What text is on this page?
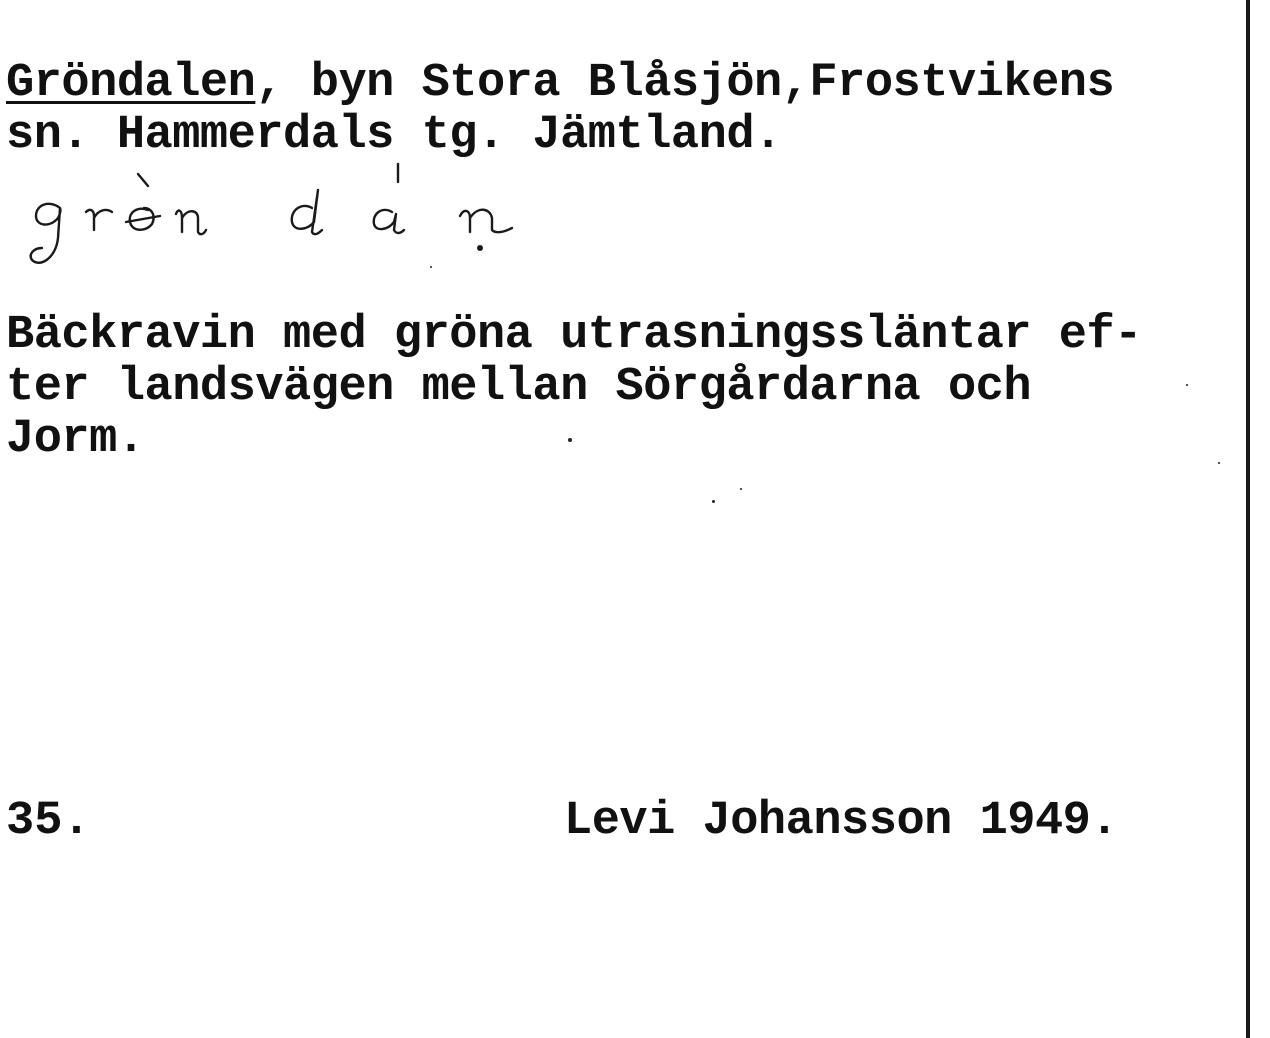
Gröndalen, byn Stora Blåsjön,Frostvikens
sn. Hammerdals tg. Jämtland.
Bäckravin med gröna utrasningssläntar ef-
ter landsvägen mellan Sörgårdarna och
Jorm.
35.	Levi Johansson 1949.
